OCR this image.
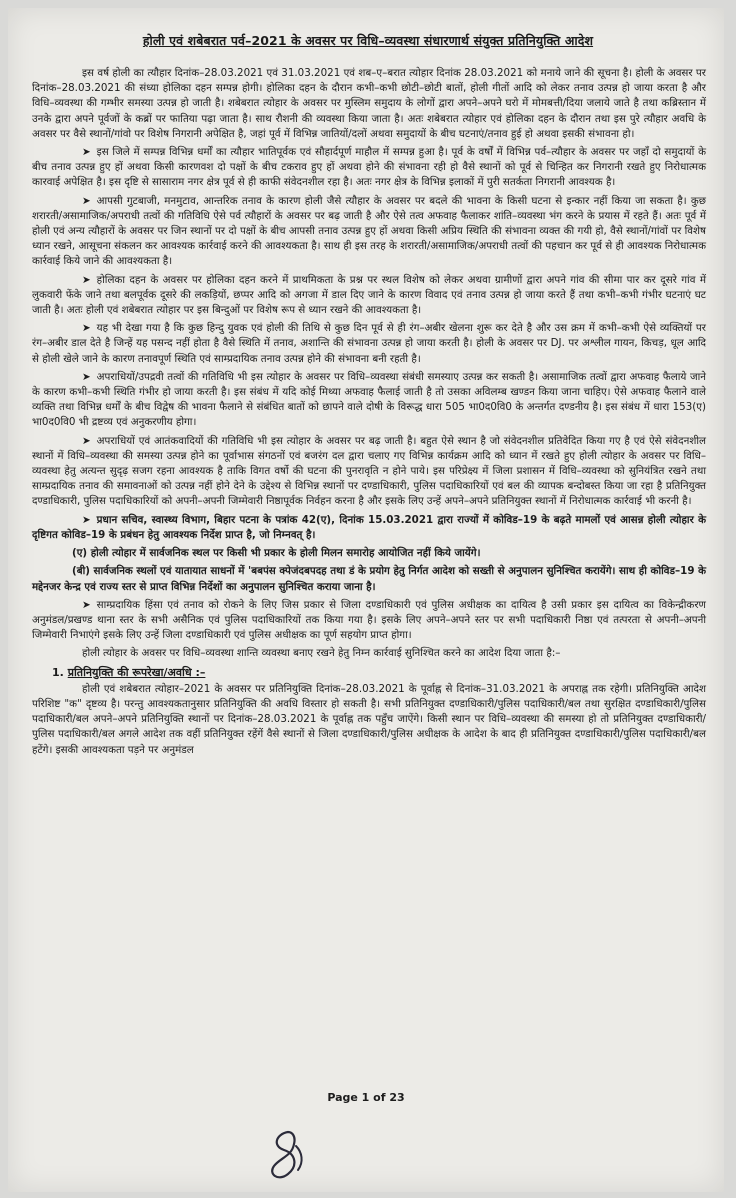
होली एवं शबेबरात पर्व–2021 के अवसर पर विधि–व्यवस्था संधारणार्थ संयुक्त प्रतिनियुक्ति आदेश

इस वर्ष होली का त्यौहार दिनांक–28.03.2021 एवं 31.03.2021 एवं शब–ए–बरात त्योहार दिनांक 28.03.2021 को मनाये जाने की सूचना है। होली के अवसर पर दिनांक–28.03.2021 की संध्या होलिका दहन सम्पन्न होगी। होलिका दहन के दौरान कभी–कभी छोटी–छोटी बातों, होली गीतों आदि को लेकर तनाव उत्पन्न हो जाया करता है और विधि–व्यवस्था की गम्भीर समस्या उत्पन्न हो जाती है। शबेबरात त्योहार के अवसर पर मुस्लिम समुदाय के लोगों द्वारा अपने–अपने घरो में मोमबत्ती/दिया जलाये जाते है तथा कब्रिस्तान में उनके द्वारा अपने पूर्वजों के कब्रों पर फातिया पढ़ा जाता है। साथ रौशनी की व्यवस्था किया जाता है। अतः शबेबरात त्योहार एवं होलिका दहन के दौरान तथा इस पुरे त्यौहार अवधि के अवसर पर वैसे स्थानों/गांवो पर विशेष निगरानी अपेक्षित है, जहां पूर्व में विभिन्न जातियों/दलों अथवा समुदायों के बीच घटनाएं/तनाव हुई हो अथवा इसकी संभावना हो।

➤ इस जिले में सम्पन्न विभिन्न धर्मों का त्यौहार भातिपूर्वक एवं सौहार्दपूर्ण माहौल में सम्पन्न हुआ है। पूर्व के वर्षों में विभिन्न पर्व–त्यौहार के अवसर पर जहाँ दो समुदायों के बीच तनाव उत्पन्न हुए हों अथवा किसी कारणवश दो पक्षों के बीच टकराव हुए हों अथवा होने की संभावना रही हो वैसे स्थानों को पूर्व से चिन्हित कर निगरानी रखते हुए निरोधात्मक कारवाई अपेक्षित है। इस दृष्टि से सासाराम नगर क्षेत्र पूर्व से ही काफी संवेदनशील रहा है। अतः नगर क्षेत्र के विभिन्न इलाकों में पुरी सतर्कता निगरानी आवश्यक है।

➤ आपसी गुटबाजी, मनमुटाव, आन्तरिक तनाव के कारण होली जैसे त्यौहार के अवसर पर बदले की भावना के किसी घटना से इन्कार नहीं किया जा सकता है। कुछ शरारती/असामाजिक/अपराधी तत्वों की गतिविधि ऐसे पर्व त्यौहारों के अवसर पर बढ़ जाती है और ऐसे तत्व अफवाह फैलाकर शांति–व्यवस्था भंग करने के प्रयास में रहते हैं। अतः पूर्व में होली एवं अन्य त्यौहारों के अवसर पर जिन स्थानों पर दो पक्षों के बीच आपसी तनाव उत्पन्न हुए हों अथवा किसी अप्रिय स्थिति की संभावना व्यक्त की गयी हो, वैसे स्थानों/गांवों पर विशेष ध्यान रखने, आसूचना संकलन कर आवश्यक कार्रवाई करने की आवश्यकता है। साथ ही इस तरह के शरारती/असामाजिक/अपराधी तत्वों की पहचान कर पूर्व से ही आवश्यक निरोधात्मक कार्रवाई किये जाने की आवश्यकता है।

➤ होलिका दहन के अवसर पर होलिका दहन करने में प्राथमिकता के प्रश्न पर स्थल विशेष को लेकर अथवा ग्रामीणों द्वारा अपने गांव की सीमा पार कर दूसरे गांव में लुकवारी फेंके जाने तथा बलपूर्वक दूसरे की लकड़ियों, छप्पर आदि को अगजा में डाल दिए जाने के कारण विवाद एवं तनाव उत्पन्न हो जाया करते हैं तथा कभी–कभी गंभीर घटनाएं घट जाती है। अतः होली एवं शबेबरात त्योहार पर इस बिन्दुओं पर विशेष रूप से ध्यान रखने की आवश्यकता है।

➤ यह भी देखा गया है कि कुछ हिन्दु युवक एवं होली की तिथि से कुछ दिन पूर्व से ही रंग–अबीर खेलना शुरू कर देते है और उस क्रम में कभी–कभी ऐसे व्यक्तियों पर रंग–अबीर डाल देते है जिन्हें यह पसन्द नहीं होता है वैसे स्थिति में तनाव, अशान्ति की संभावना उत्पन्न हो जाया करती है। होली के अवसर पर DJ. पर अश्लील गायन, किचड़, धूल आदि से होली खेले जाने के कारण तनावपूर्ण स्थिति एवं साम्प्रदायिक तनाव उत्पन्न होने की संभावना बनी रहती है।

➤ अपराधियों/उपद्रवी तत्वों की गतिविधि भी इस त्योहार के अवसर पर विधि–व्यवस्था संबंधी समस्याए उत्पन्न कर सकती है। असामाजिक तत्वों द्वारा अफवाह फैलाये जाने के कारण कभी–कभी स्थिति गंभीर हो जाया करती है। इस संबंध में यदि कोई मिथ्या अफवाह फैलाई जाती है तो उसका अविलम्ब खण्डन किया जाना चाहिए। ऐसे अफवाह फैलाने वाले व्यक्ति तथा विभिन्न धर्मों के बीच विद्वेष की भावना फैलाने से संबंधित बातों को छापने वाले दोषी के विरूद्ध धारा 505 भा0द0वि0 के अन्तर्गत दण्डनीय है। इस संबंध में धारा 153(ए) भा0द0वि0 भी द्रष्टव्य एवं अनुकरणीय होगा।

➤ अपराधियों एवं आतंकवादियों की गतिविधि भी इस त्योहार के अवसर पर बढ़ जाती है। बहुत ऐसे स्थान है जो संवेदनशील प्रतिवेदित किया गए है एवं ऐसे संवेदनशील स्थानों में विधि–व्यवस्था की समस्या उत्पन्न होने का पूर्वाभास संगठनों एवं बजरंग दल द्वारा चलाए गए विभिन्न कार्यक्रम आदि को ध्यान में रखते हुए होली त्योहार के अवसर पर विधि–व्यवस्था हेतु अत्यन्त सुदृढ़ सजग रहना आवश्यक है ताकि विगत वर्षो की घटना की पुनरावृति न होने पाये। इस परिप्रेक्ष्य में जिला प्रशासन में विधि–व्यवस्था को सुनियंत्रित रखने तथा साम्प्रदायिक तनाव की समावनाओं को उत्पन्न नहीं होने देने के उद्देश्य से विभिन्न स्थानों पर दण्डाधिकारी, पुलिस पदाधिकारियों एवं बल की व्यापक बन्दोबस्त किया जा रहा है प्रतिनियुक्त दण्डाधिकारी, पुलिस पदाधिकारियों को अपनी–अपनी जिम्मेवारी निष्ठापूर्वक निर्वहन करना है और इसके लिए उन्हें अपने–अपने प्रतिनियुक्त स्थानों में निरोधात्मक कार्रवाई भी करनी है।

➤ प्रधान सचिव, स्वास्थ्य विभाग, बिहार पटना के पत्रांक 42(ए), दिनांक 15.03.2021 द्वारा राज्यों में कोविड–19 के बढ़ते मामलों एवं आसन्न होली त्योहार के दृष्टिगत कोविड–19 के प्रबंधन हेतु आवश्यक निर्देश प्राप्त है, जो निम्नवत् है।

(ए) होली त्योहार में सार्वजनिक स्थल पर किसी भी प्रकार के होली मिलन समारोह आयोजित नहीं किये जायेंगे।

(बी) सार्वजनिक स्थलों एवं यातायात साधनों में 'बबपंस क्पेजंदबपदह तथा डं के प्रयोग हेतु निर्गत आदेश को सख्ती से अनुपालन सुनिश्चित करायेंगे। साथ ही कोविड–19 के मद्देनजर केन्द्र एवं राज्य स्तर से प्राप्त विभिन्न निर्देशों का अनुपालन सुनिश्चित कराया जाना है।

➤ साम्प्रदायिक हिंसा एवं तनाव को रोकने के लिए जिस प्रकार से जिला दण्डाधिकारी एवं पुलिस अधीक्षक का दायित्व है उसी प्रकार इस दायित्व का विकेन्द्रीकरण अनुमंडल/प्रखण्ड थाना स्तर के सभी असैनिक एवं पुलिस पदाधिकारियों तक किया गया है। इसके लिए अपने–अपने स्तर पर सभी पदाधिकारी निष्ठा एवं तत्परता से अपनी–अपनी जिम्मेवारी निभाएंगे इसके लिए उन्हें जिला दण्डाधिकारी एवं पुलिस अधीक्षक का पूर्ण सहयोग प्राप्त होगा।

होली त्योहार के अवसर पर विधि–व्यवस्था शान्ति व्यवस्था बनाए रखने हेतु निम्न कार्रवाई सुनिश्चित करने का आदेश दिया जाता है:–

1. प्रतिनियुक्ति की रूपरेखा/अवधि :–

होली एवं शबेबरात त्योहार–2021 के अवसर पर प्रतिनियुक्ति दिनांक–28.03.2021 के पूर्वाह्न से दिनांक–31.03.2021 के अपराह्न तक रहेगी। प्रतिनियुक्ति आदेश परिशिष्ट "क" दृष्टव्य है। परन्तु आवश्यकतानुसार प्रतिनियुक्ति की अवधि विस्तार हो सकती है। सभी प्रतिनियुक्त दण्डाधिकारी/पुलिस पदाधिकारी/बल तथा सुरक्षित दण्डाधिकारी/पुलिस पदाधिकारी/बल अपने–अपने प्रतिनियुक्ति स्थानों पर दिनांक–28.03.2021 के पूर्वाह्न तक पहुँच जाऐंगे। किसी स्थान पर विधि–व्यवस्था की समस्या हो तो प्रतिनियुक्त दण्डाधिकारी/पुलिस पदाधिकारी/बल अगले आदेश तक वहीं प्रतिनियुक्त रहेंगें वैसे स्थानों से जिला दण्डाधिकारी/पुलिस अधीक्षक के आदेश के बाद ही प्रतिनियुक्त दण्डाधिकारी/पुलिस पदाधिकारी/बल हटेंगे। इसकी आवश्यकता पड़ने पर अनुमंडल

Page 1 of 23
